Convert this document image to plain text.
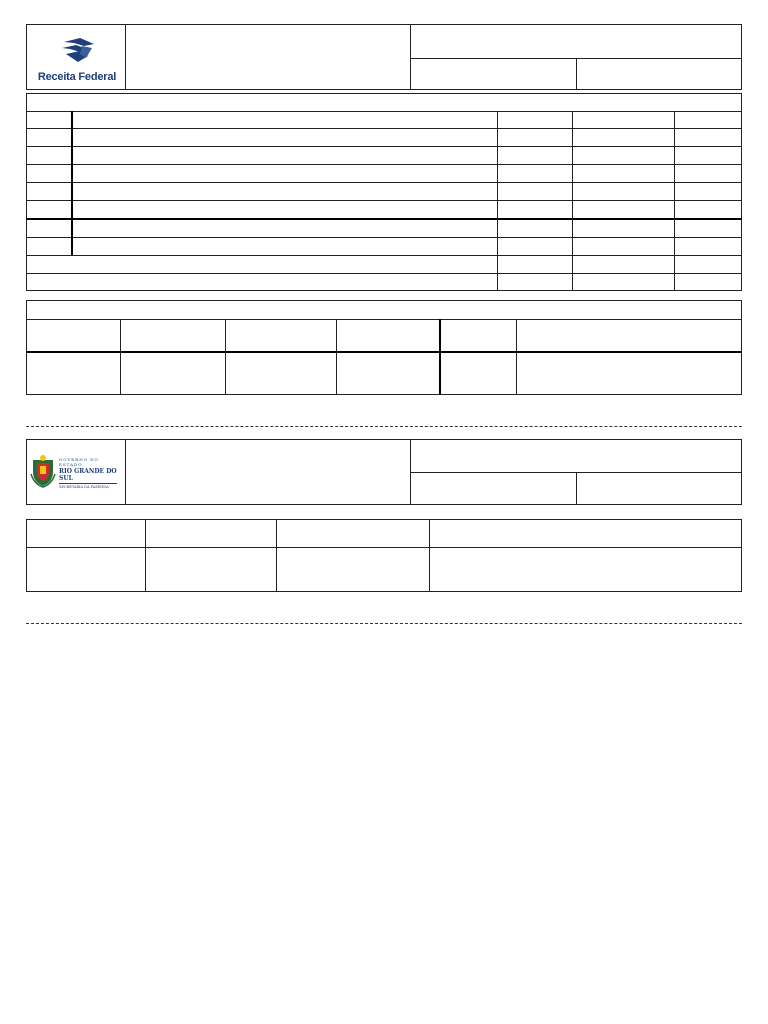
Receita Federal
GOVERNO DO ESTADO
RIO GRANDE DO SUL
SECRETARIA DA FAZENDA
